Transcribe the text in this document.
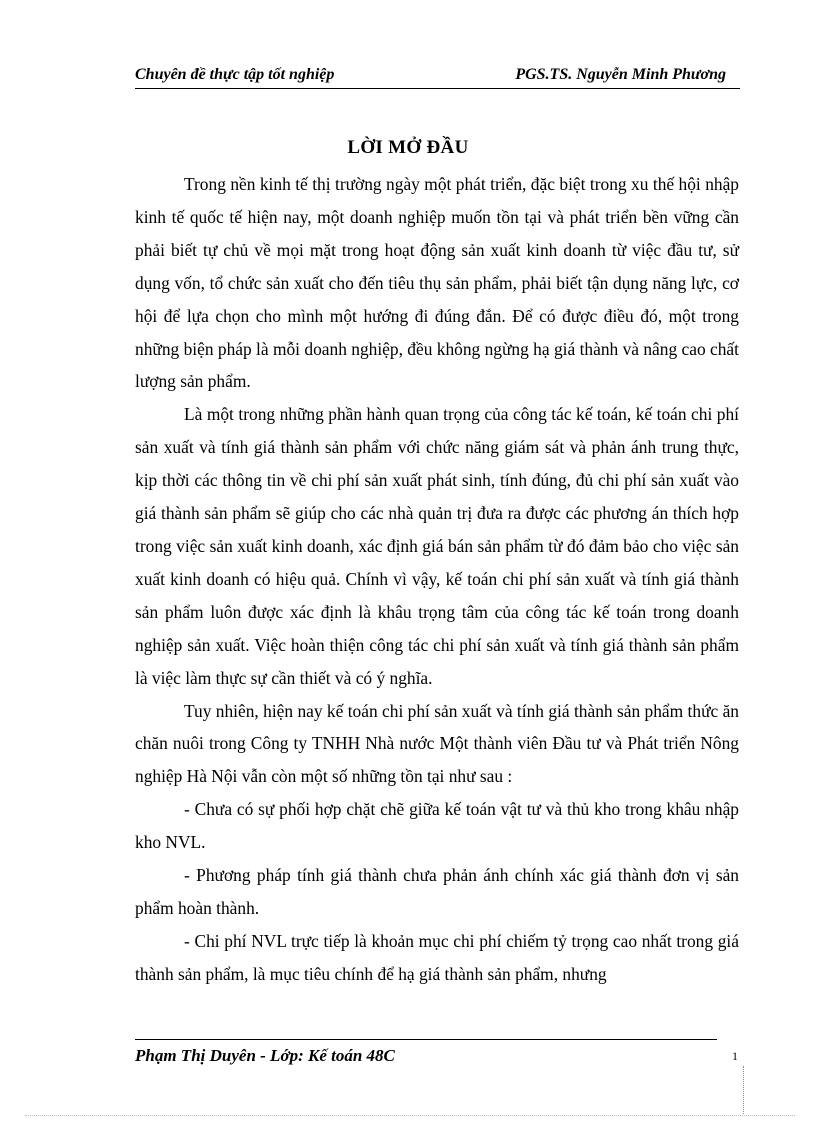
Chuyên đề thực tập tốt nghiệp	PGS.TS. Nguyễn Minh Phương
LỜI MỞ ĐẦU

Trong nền kinh tế thị trường ngày một phát triển, đặc biệt trong xu thế hội nhập kinh tế quốc tế hiện nay, một doanh nghiệp muốn tồn tại và phát triển bền vững cần phải biết tự chủ về mọi mặt trong hoạt động sản xuất kinh doanh từ việc đầu tư, sử dụng vốn, tổ chức sản xuất cho đến tiêu thụ sản phẩm, phải biết tận dụng năng lực, cơ hội để lựa chọn cho mình một hướng đi đúng đắn. Để có được điều đó, một trong những biện pháp là mỗi doanh nghiệp, đều không ngừng hạ giá thành và nâng cao chất lượng sản phẩm.

Là một trong những phần hành quan trọng của công tác kế toán, kế toán chi phí sản xuất và tính giá thành sản phẩm với chức năng giám sát và phản ánh trung thực, kịp thời các thông tin về chi phí sản xuất phát sinh, tính đúng, đủ chi phí sản xuất vào giá thành sản phẩm sẽ giúp cho các nhà quản trị đưa ra được các phương án thích hợp trong việc sản xuất kinh doanh, xác định giá bán sản phẩm từ đó đảm bảo cho việc sản xuất kinh doanh có hiệu quả. Chính vì vậy, kế toán chi phí sản xuất và tính giá thành sản phẩm luôn được xác định là khâu trọng tâm của công tác kế toán trong doanh nghiệp sản xuất. Việc hoàn thiện công tác chi phí sản xuất và tính giá thành sản phẩm là việc làm thực sự cần thiết và có ý nghĩa.

Tuy nhiên, hiện nay kế toán chi phí sản xuất và tính giá thành sản phẩm thức ăn chăn nuôi trong Công ty TNHH Nhà nước Một thành viên Đầu tư và Phát triển Nông nghiệp Hà Nội vẫn còn một số những tồn tại như sau :

- Chưa có sự phối hợp chặt chẽ giữa kế toán vật tư và thủ kho trong khâu nhập kho NVL.

- Phương pháp tính giá thành chưa phản ánh chính xác giá thành đơn vị sản phẩm hoàn thành.

- Chi phí NVL trực tiếp là khoản mục chi phí chiếm tỷ trọng cao nhất trong giá thành sản phẩm, là mục tiêu chính để hạ giá thành sản phẩm, nhưng

Phạm Thị Duyên - Lớp: Kế toán 48C	1
